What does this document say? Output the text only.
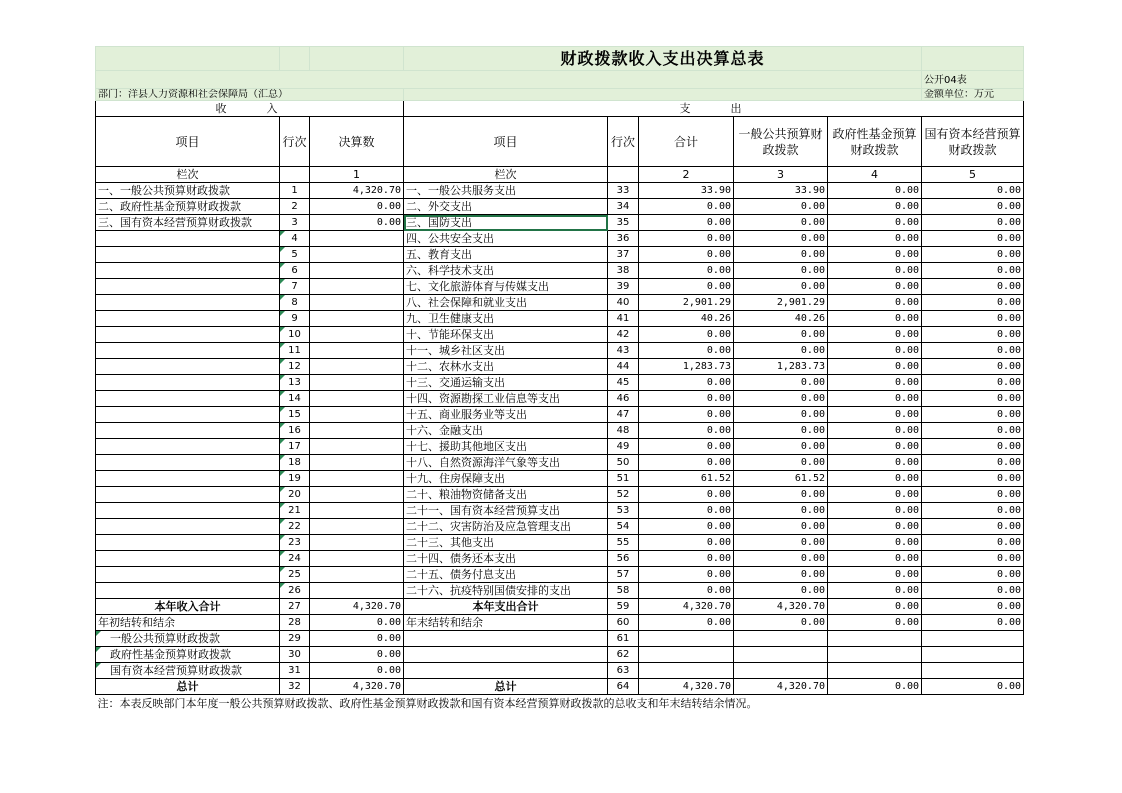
			财政拨款收入支出决算总表					
								公开04表
部门：洋县人力资源和社会保障局（汇总）								金额单位：万元
收　　入			支　　出					
项目	行次	决算数	项目	行次	合计	一般公共预算财政拨款	政府性基金预算财政拨款	国有资本经营预算财政拨款
栏次		1	栏次		2	3	4	5
一、一般公共预算财政拨款	1	4,320.70	一、一般公共服务支出	33	33.90	33.90	0.00	0.00
二、政府性基金预算财政拨款	2	0.00	二、外交支出	34	0.00	0.00	0.00	0.00
三、国有资本经营预算财政拨款	3	0.00	三、国防支出	35	0.00	0.00	0.00	0.00
	4		四、公共安全支出	36	0.00	0.00	0.00	0.00
	5		五、教育支出	37	0.00	0.00	0.00	0.00
	6		六、科学技术支出	38	0.00	0.00	0.00	0.00
	7		七、文化旅游体育与传媒支出	39	0.00	0.00	0.00	0.00
	8		八、社会保障和就业支出	40	2,901.29	2,901.29	0.00	0.00
	9		九、卫生健康支出	41	40.26	40.26	0.00	0.00
	10		十、节能环保支出	42	0.00	0.00	0.00	0.00
	11		十一、城乡社区支出	43	0.00	0.00	0.00	0.00
	12		十二、农林水支出	44	1,283.73	1,283.73	0.00	0.00
	13		十三、交通运输支出	45	0.00	0.00	0.00	0.00
	14		十四、资源勘探工业信息等支出	46	0.00	0.00	0.00	0.00
	15		十五、商业服务业等支出	47	0.00	0.00	0.00	0.00
	16		十六、金融支出	48	0.00	0.00	0.00	0.00
	17		十七、援助其他地区支出	49	0.00	0.00	0.00	0.00
	18		十八、自然资源海洋气象等支出	50	0.00	0.00	0.00	0.00
	19		十九、住房保障支出	51	61.52	61.52	0.00	0.00
	20		二十、粮油物资储备支出	52	0.00	0.00	0.00	0.00
	21		二十一、国有资本经营预算支出	53	0.00	0.00	0.00	0.00
	22		二十二、灾害防治及应急管理支出	54	0.00	0.00	0.00	0.00
	23		二十三、其他支出	55	0.00	0.00	0.00	0.00
	24		二十四、债务还本支出	56	0.00	0.00	0.00	0.00
	25		二十五、债务付息支出	57	0.00	0.00	0.00	0.00
	26		二十六、抗疫特别国债安排的支出	58	0.00	0.00	0.00	0.00
本年收入合计	27	4,320.70	本年支出合计	59	4,320.70	4,320.70	0.00	0.00
年初结转和结余	28	0.00	年末结转和结余	60	0.00	0.00	0.00	0.00
一般公共预算财政拨款	29	0.00		61				
政府性基金预算财政拨款	30	0.00		62				
国有资本经营预算财政拨款	31	0.00		63				
总计	32	4,320.70	总计	64	4,320.70	4,320.70	0.00	0.00
注：本表反映部门本年度一般公共预算财政拨款、政府性基金预算财政拨款和国有资本经营预算财政拨款的总收支和年末结转结余情况。								
